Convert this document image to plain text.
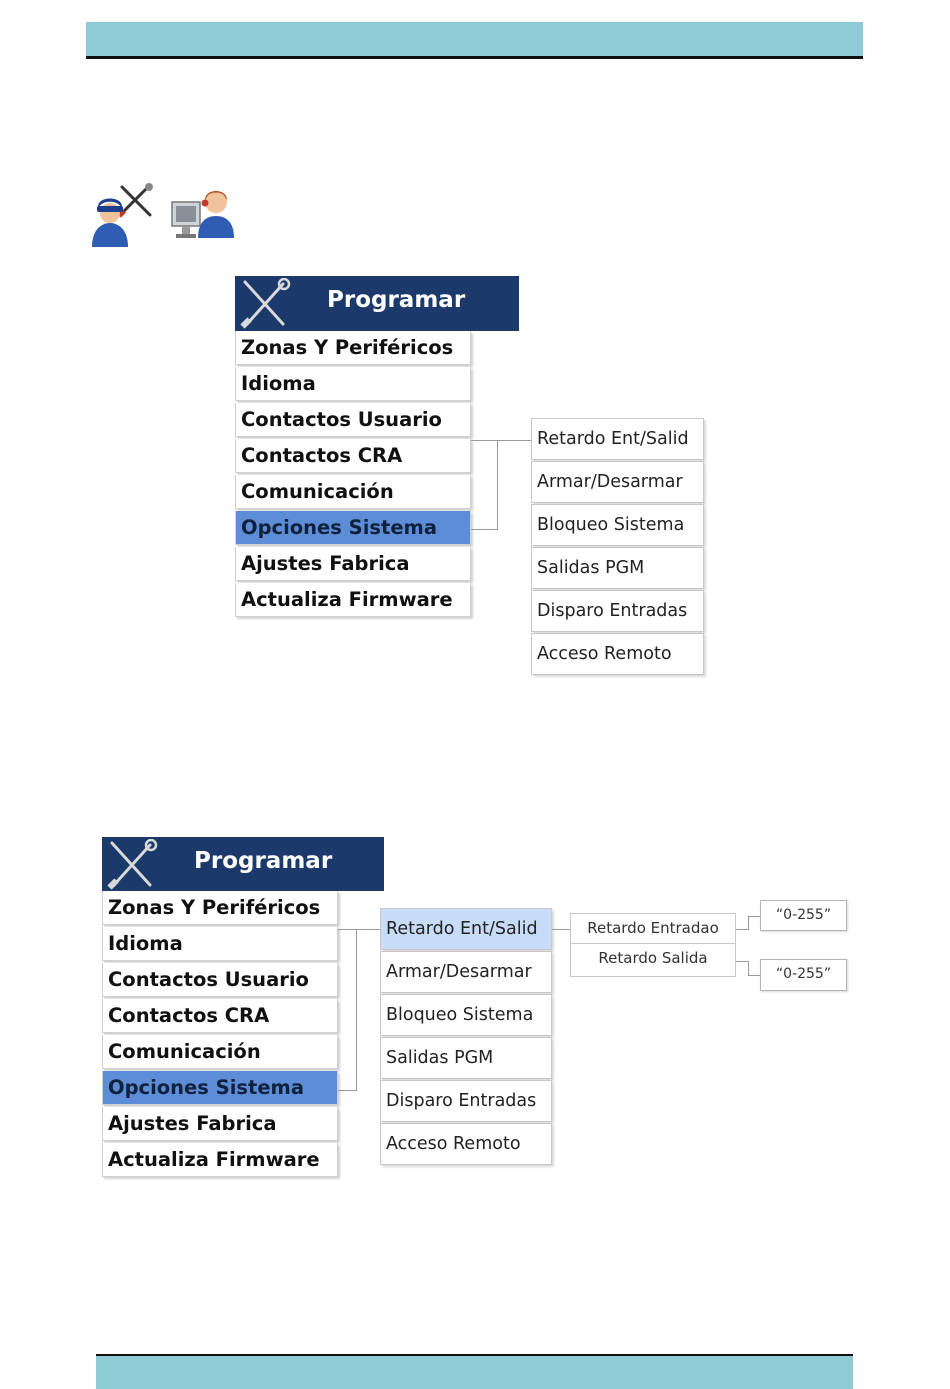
Programar
Zonas Y Periféricos
Idioma
Contactos Usuario
Contactos CRA
Comunicación
Opciones Sistema
Ajustes Fabrica
Actualiza Firmware
Retardo Ent/Salid
Armar/Desarmar
Bloqueo Sistema
Salidas PGM
Disparo Entradas
Acceso Remoto
Programar
Zonas Y Periféricos
Idioma
Contactos Usuario
Contactos CRA
Comunicación
Opciones Sistema
Ajustes Fabrica
Actualiza Firmware
Retardo Ent/Salid
Armar/Desarmar
Bloqueo Sistema
Salidas PGM
Disparo Entradas
Acceso Remoto
Retardo Entradao
Retardo Salida
“0-255”
“0-255”
